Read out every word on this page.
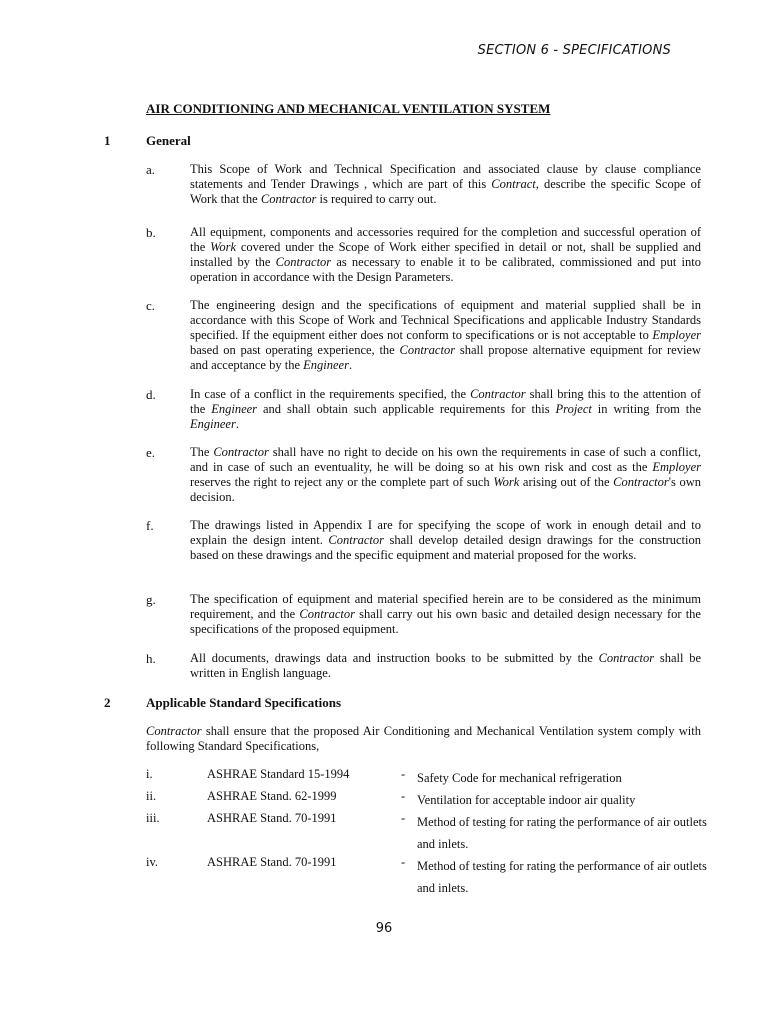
SECTION 6 - SPECIFICATIONS
AIR CONDITIONING AND MECHANICAL VENTILATION SYSTEM
1	General
a.	This Scope of Work and Technical Specification and associated clause by clause compliance statements and Tender Drawings , which are part of this Contract, describe the specific Scope of Work that the Contractor is required to carry out.
b.	All equipment, components and accessories required for the completion and successful operation of the Work covered under the Scope of Work either specified in detail or not, shall be supplied and installed by the Contractor as necessary to enable it to be calibrated, commissioned and put into operation in accordance with the Design Parameters.
c.	The engineering design and the specifications of equipment and material supplied shall be in accordance with this Scope of Work and Technical Specifications and applicable Industry Standards specified. If the equipment either does not conform to specifications or is not acceptable to Employer based on past operating experience, the Contractor shall propose alternative equipment for review and acceptance by the Engineer.
d.	In case of a conflict in the requirements specified, the Contractor shall bring this to the attention of the Engineer and shall obtain such applicable requirements for this Project in writing from the Engineer.
e.	The Contractor shall have no right to decide on his own the requirements in case of such a conflict, and in case of such an eventuality, he will be doing so at his own risk and cost as the Employer reserves the right to reject any or the complete part of such Work arising out of the Contractor's own decision.
f.	The drawings listed in Appendix I are for specifying the scope of work in enough detail and to explain the design intent. Contractor shall develop detailed design drawings for the construction based on these drawings and the specific equipment and material proposed for the works.
g.	The specification of equipment and material specified herein are to be considered as the minimum requirement, and the Contractor shall carry out his own basic and detailed design necessary for the specifications of the proposed equipment.
h.	All documents, drawings data and instruction books to be submitted by the Contractor shall be written in English language.
2	Applicable Standard Specifications
Contractor shall ensure that the proposed Air Conditioning and Mechanical Ventilation system comply with following Standard Specifications,
i.	ASHRAE Standard 15-1994	- Safety Code for mechanical refrigeration
ii.	ASHRAE Stand. 62-1999	- Ventilation for acceptable indoor air quality
iii.	ASHRAE Stand. 70-1991	- Method of testing for rating the performance of air outlets and inlets.
iv.	ASHRAE Stand. 70-1991	- Method of testing for rating the performance of air outlets and inlets.
96
